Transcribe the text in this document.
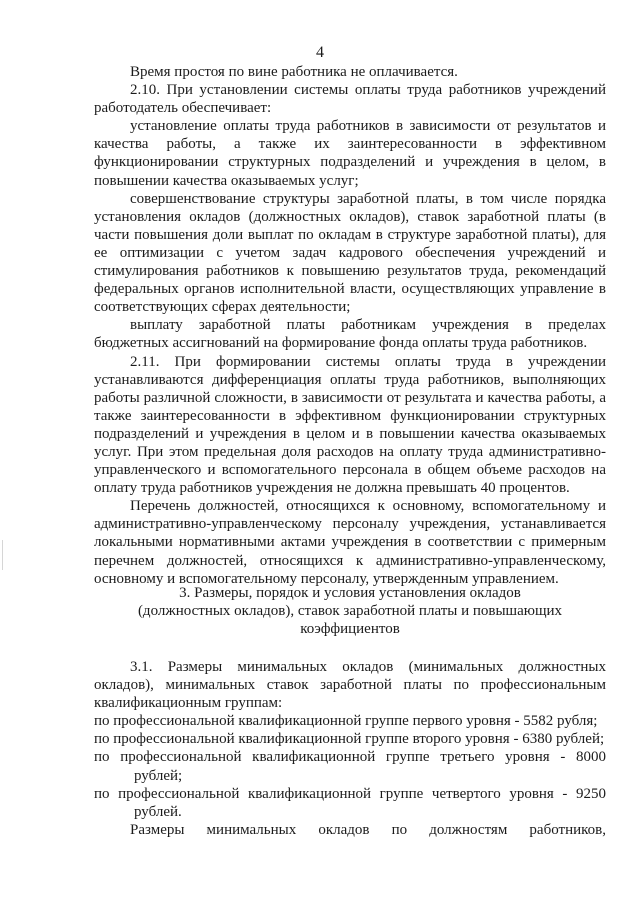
4

Время простоя по вине работника не оплачивается.

2.10. При установлении системы оплаты труда работников учреждений работодатель обеспечивает:

установление оплаты труда работников в зависимости от результатов и качества работы, а также их заинтересованности в эффективном функционировании структурных подразделений и учреждения в целом, в повышении качества оказываемых услуг;

совершенствование структуры заработной платы, в том числе порядка установления окладов (должностных окладов), ставок заработной платы (в части повышения доли выплат по окладам в структуре заработной платы), для ее оптимизации с учетом задач кадрового обеспечения учреждений и стимулирования работников к повышению результатов труда, рекомендаций федеральных органов исполнительной власти, осуществляющих управление в соответствующих сферах деятельности;

выплату заработной платы работникам учреждения в пределах бюджетных ассигнований на формирование фонда оплаты труда работников.

2.11. При формировании системы оплаты труда в учреждении устанавливаются дифференциация оплаты труда работников, выполняющих работы различной сложности, в зависимости от результата и качества работы, а также заинтересованности в эффективном функционировании структурных подразделений и учреждения в целом и в повышении качества оказываемых услуг. При этом предельная доля расходов на оплату труда административно-управленческого и вспомогательного персонала в общем объеме расходов на оплату труда работников учреждения не должна превышать 40 процентов.

Перечень должностей, относящихся к основному, вспомогательному и административно-управленческому персоналу учреждения, устанавливается локальными нормативными актами учреждения в соответствии с примерным перечнем должностей, относящихся к административно-управленческому, основному и вспомогательному персоналу, утвержденным управлением.

3. Размеры, порядок и условия установления окладов
(должностных окладов), ставок заработной платы и повышающих
коэффициентов

3.1. Размеры минимальных окладов (минимальных должностных окладов), минимальных ставок заработной платы по профессиональным квалификационным группам:

по профессиональной квалификационной группе первого уровня - 5582 рубля;

по профессиональной квалификационной группе второго уровня - 6380 рублей;

по профессиональной квалификационной группе третьего уровня - 8000 рублей;

по профессиональной квалификационной группе четвертого уровня - 9250 рублей.

Размеры минимальных окладов по должностям работников,
